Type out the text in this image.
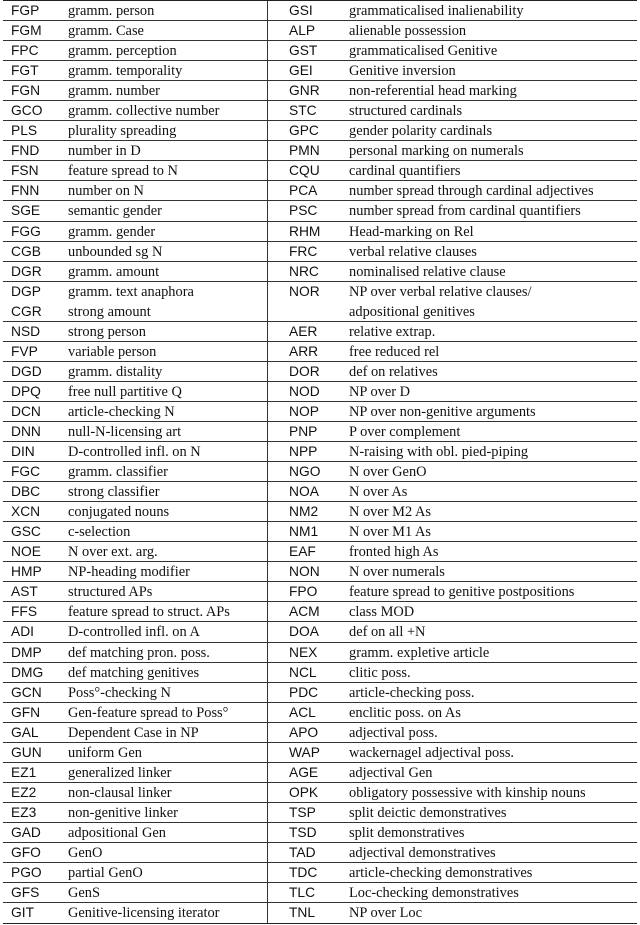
FGP	gramm. person	GSI	grammaticalised inalienability
FGM	gramm. Case	ALP	alienable possession
FPC	gramm. perception	GST	grammaticalised Genitive
FGT	gramm. temporality	GEI	Genitive inversion
FGN	gramm. number	GNR	non-referential head marking
GCO	gramm. collective number	STC	structured cardinals
PLS	plurality spreading	GPC	gender polarity cardinals
FND	number in D	PMN	personal marking on numerals
FSN	feature spread to N	CQU	cardinal quantifiers
FNN	number on N	PCA	number spread through cardinal adjectives
SGE	semantic gender	PSC	number spread from cardinal quantifiers
FGG	gramm. gender	RHM	Head-marking on Rel
CGB	unbounded sg N	FRC	verbal relative clauses
DGR	gramm. amount	NRC	nominalised relative clause
DGP	gramm. text anaphora	NOR	NP over verbal relative clauses/
CGR	strong amount	adpositional genitives
NSD	strong person	AER	relative extrap.
FVP	variable person	ARR	free reduced rel
DGD	gramm. distality	DOR	def on relatives
DPQ	free null partitive Q	NOD	NP over D
DCN	article-checking N	NOP	NP over non-genitive arguments
DNN	null-N-licensing art	PNP	P over complement
DIN	D-controlled infl. on N	NPP	N-raising with obl. pied-piping
FGC	gramm. classifier	NGO	N over GenO
DBC	strong classifier	NOA	N over As
XCN	conjugated nouns	NM2	N over M2 As
GSC	c-selection	NM1	N over M1 As
NOE	N over ext. arg.	EAF	fronted high As
HMP	NP-heading modifier	NON	N over numerals
AST	structured APs	FPO	feature spread to genitive postpositions
FFS	feature spread to struct. APs	ACM	class MOD
ADI	D-controlled infl. on A	DOA	def on all +N
DMP	def matching pron. poss.	NEX	gramm. expletive article
DMG	def matching genitives	NCL	clitic poss.
GCN	Poss°-checking N	PDC	article-checking poss.
GFN	Gen-feature spread to Poss°	ACL	enclitic poss. on As
GAL	Dependent Case in NP	APO	adjectival poss.
GUN	uniform Gen	WAP	wackernagel adjectival poss.
EZ1	generalized linker	AGE	adjectival Gen
EZ2	non-clausal linker	OPK	obligatory possessive with kinship nouns
EZ3	non-genitive linker	TSP	split deictic demonstratives
GAD	adpositional Gen	TSD	split demonstratives
GFO	GenO	TAD	adjectival demonstratives
PGO	partial GenO	TDC	article-checking demonstratives
GFS	GenS	TLC	Loc-checking demonstratives
GIT	Genitive-licensing iterator	TNL	NP over Loc
